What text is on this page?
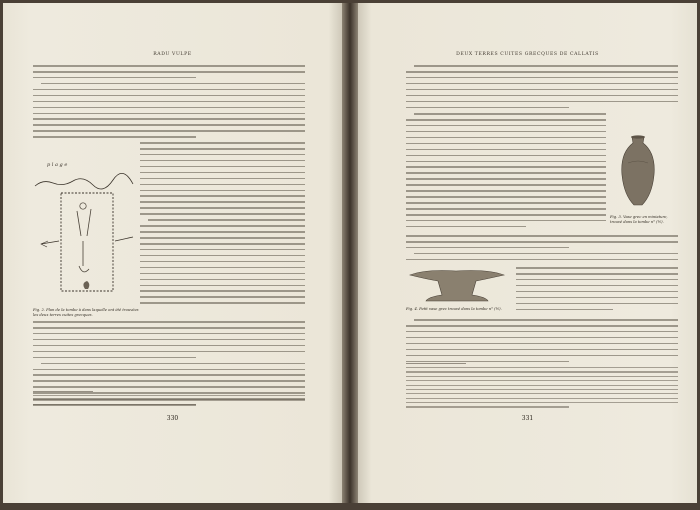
RADU VULPE
p l a g e
Fig. 2. Plan de la tombe à dans laquelle ont été trouvées les deux terres cuites grecques.
330
DEUX TERRES CUITES GRECQUES DE CALLATIS
Fig. 3. Vase grec en miniature, trouvé dans la tombe n° (½).
Fig. 4. Petit vase grec trouvé dans la tombe n° (½).
331
